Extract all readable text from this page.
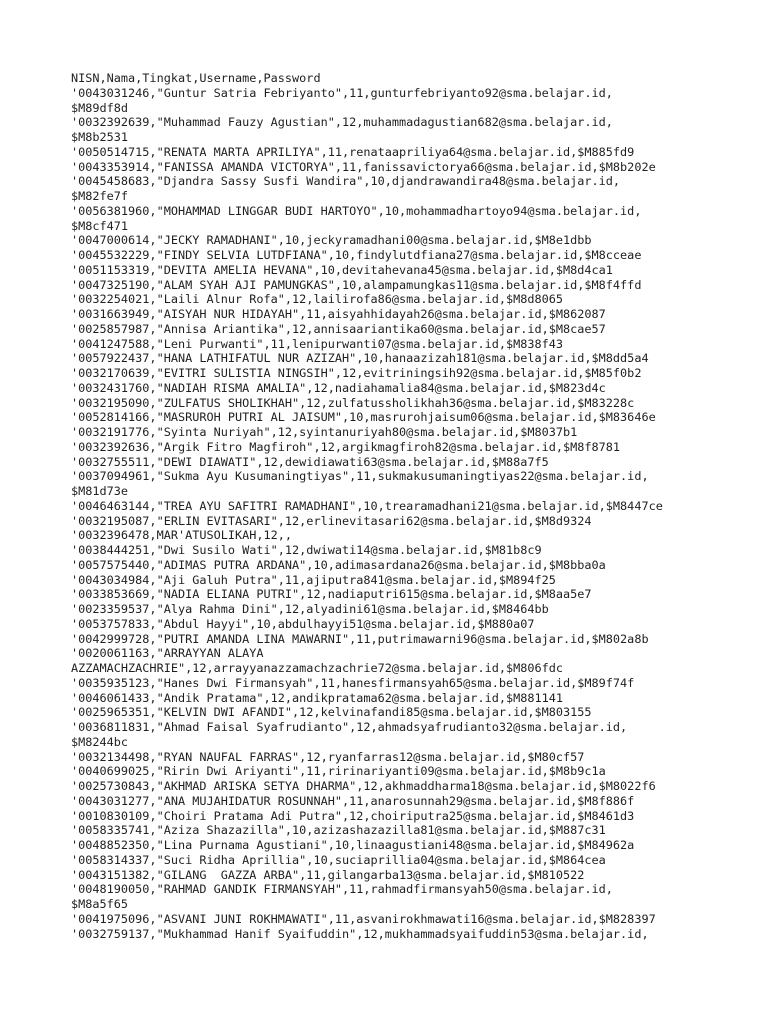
NISN,Nama,Tingkat,Username,Password
'0043031246,"Guntur Satria Febriyanto",11,gunturfebriyanto92@sma.belajar.id,
$M89df8d
'0032392639,"Muhammad Fauzy Agustian",12,muhammadagustian682@sma.belajar.id,
$M8b2531
'0050514715,"RENATA MARTA APRILIYA",11,renataapriliya64@sma.belajar.id,$M885fd9
'0043353914,"FANISSA AMANDA VICTORYA",11,fanissavictorya66@sma.belajar.id,$M8b202e
'0045458683,"Djandra Sassy Susfi Wandira",10,djandrawandira48@sma.belajar.id,
$M82fe7f
'0056381960,"MOHAMMAD LINGGAR BUDI HARTOYO",10,mohammadhartoyo94@sma.belajar.id,
$M8cf471
'0047000614,"JECKY RAMADHANI",10,jeckyramadhani00@sma.belajar.id,$M8e1dbb
'0045532229,"FINDY SELVIA LUTDFIANA",10,findylutdfiana27@sma.belajar.id,$M8cceae
'0051153319,"DEVITA AMELIA HEVANA",10,devitahevana45@sma.belajar.id,$M8d4ca1
'0047325190,"ALAM SYAH AJI PAMUNGKAS",10,alampamungkas11@sma.belajar.id,$M8f4ffd
'0032254021,"Laili Alnur Rofa",12,lailirofa86@sma.belajar.id,$M8d8065
'0031663949,"AISYAH NUR HIDAYAH",11,aisyahhidayah26@sma.belajar.id,$M862087
'0025857987,"Annisa Ariantika",12,annisaariantika60@sma.belajar.id,$M8cae57
'0041247588,"Leni Purwanti",11,lenipurwanti07@sma.belajar.id,$M838f43
'0057922437,"HANA LATHIFATUL NUR AZIZAH",10,hanaazizah181@sma.belajar.id,$M8dd5a4
'0032170639,"EVITRI SULISTIA NINGSIH",12,evitriningsih92@sma.belajar.id,$M85f0b2
'0032431760,"NADIAH RISMA AMALIA",12,nadiahamalia84@sma.belajar.id,$M823d4c
'0032195090,"ZULFATUS SHOLIKHAH",12,zulfatussholikhah36@sma.belajar.id,$M83228c
'0052814166,"MASRUROH PUTRI AL JAISUM",10,masrurohjaisum06@sma.belajar.id,$M83646e
'0032191776,"Syinta Nuriyah",12,syintanuriyah80@sma.belajar.id,$M8037b1
'0032392636,"Argik Fitro Magfiroh",12,argikmagfiroh82@sma.belajar.id,$M8f8781
'0032755511,"DEWI DIAWATI",12,dewidiawati63@sma.belajar.id,$M88a7f5
'0037094961,"Sukma Ayu Kusumaningtiyas",11,sukmakusumaningtiyas22@sma.belajar.id,
$M81d73e
'0046463144,"TREA AYU SAFITRI RAMADHANI",10,trearamadhani21@sma.belajar.id,$M8447ce
'0032195087,"ERLIN EVITASARI",12,erlinevitasari62@sma.belajar.id,$M8d9324
'0032396478,MAR'ATUSOLIKAH,12,,
'0038444251,"Dwi Susilo Wati",12,dwiwati14@sma.belajar.id,$M81b8c9
'0057575440,"ADIMAS PUTRA ARDANA",10,adimasardana26@sma.belajar.id,$M8bba0a
'0043034984,"Aji Galuh Putra",11,ajiputra841@sma.belajar.id,$M894f25
'0033853669,"NADIA ELIANA PUTRI",12,nadiaputri615@sma.belajar.id,$M8aa5e7
'0023359537,"Alya Rahma Dini",12,alyadini61@sma.belajar.id,$M8464bb
'0053757833,"Abdul Hayyi",10,abdulhayyi51@sma.belajar.id,$M880a07
'0042999728,"PUTRI AMANDA LINA MAWARNI",11,putrimawarni96@sma.belajar.id,$M802a8b
'0020061163,"ARRAYYAN ALAYA
AZZAMACHZACHRIE",12,arrayyanazzamachzachrie72@sma.belajar.id,$M806fdc
'0035935123,"Hanes Dwi Firmansyah",11,hanesfirmansyah65@sma.belajar.id,$M89f74f
'0046061433,"Andik Pratama",12,andikpratama62@sma.belajar.id,$M881141
'0025965351,"KELVIN DWI AFANDI",12,kelvinafandi85@sma.belajar.id,$M803155
'0036811831,"Ahmad Faisal Syafrudianto",12,ahmadsyafrudianto32@sma.belajar.id,
$M8244bc
'0032134498,"RYAN NAUFAL FARRAS",12,ryanfarras12@sma.belajar.id,$M80cf57
'0040699025,"Ririn Dwi Ariyanti",11,ririnariyanti09@sma.belajar.id,$M8b9c1a
'0025730843,"AKHMAD ARISKA SETYA DHARMA",12,akhmaddharma18@sma.belajar.id,$M8022f6
'0043031277,"ANA MUJAHIDATUR ROSUNNAH",11,anarosunnah29@sma.belajar.id,$M8f886f
'0010830109,"Choiri Pratama Adi Putra",12,choiriputra25@sma.belajar.id,$M8461d3
'0058335741,"Aziza Shazazilla",10,azizashazazilla81@sma.belajar.id,$M887c31
'0048852350,"Lina Purnama Agustiani",10,linaagustiani48@sma.belajar.id,$M84962a
'0058314337,"Suci Ridha Aprillia",10,suciaprillia04@sma.belajar.id,$M864cea
'0043151382,"GILANG  GAZZA ARBA",11,gilangarba13@sma.belajar.id,$M810522
'0048190050,"RAHMAD GANDIK FIRMANSYAH",11,rahmadfirmansyah50@sma.belajar.id,
$M8a5f65
'0041975096,"ASVANI JUNI ROKHMAWATI",11,asvanirokhmawati16@sma.belajar.id,$M828397
'0032759137,"Mukhammad Hanif Syaifuddin",12,mukhammadsyaifuddin53@sma.belajar.id,
